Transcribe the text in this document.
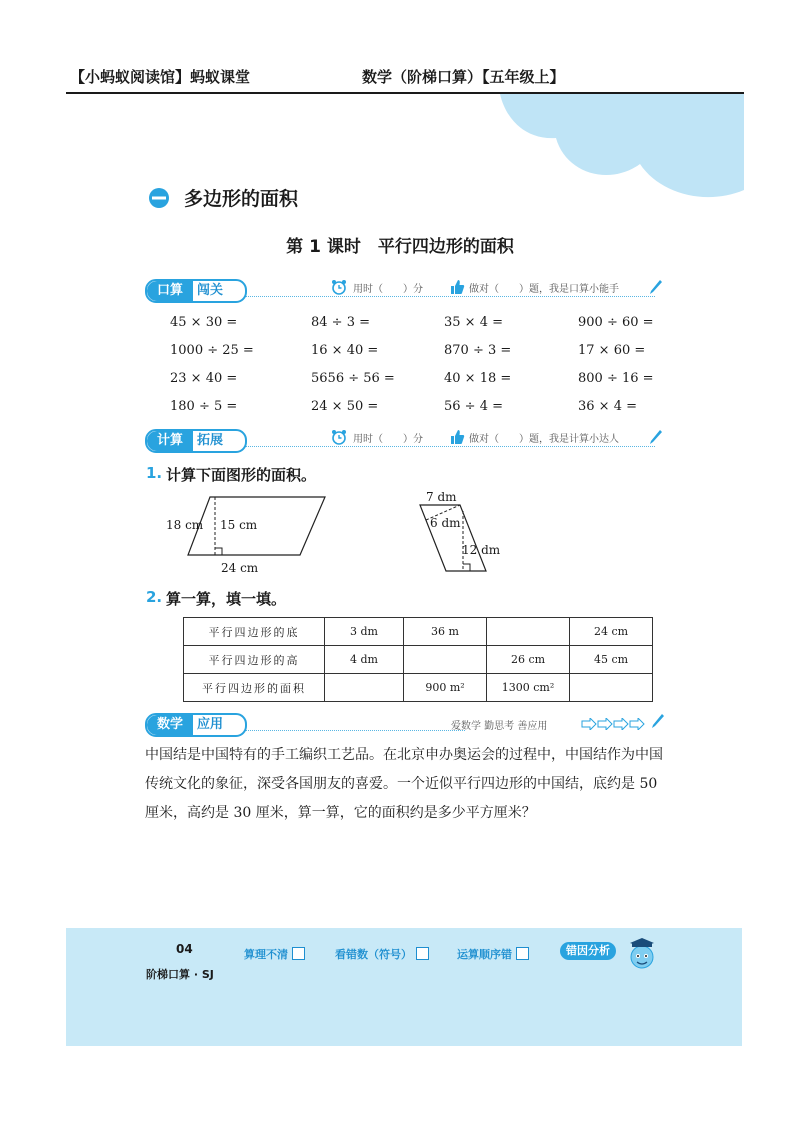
【小蚂蚁阅读馆】蚂蚁课堂	数学（阶梯口算）【五年级上】
多边形的面积
第 1 课时　平行四边形的面积
口算	闯关	用时（　　）分	做对（　　）题，我是口算小能手
45 × 30 =	84 ÷ 3 =	35 × 4 =	900 ÷ 60 =
1000 ÷ 25 =	16 × 40 =	870 ÷ 3 =	17 × 60 =
23 × 40 =	5656 ÷ 56 =	40 × 18 =	800 ÷ 16 =
180 ÷ 5 =	24 × 50 =	56 ÷ 4 =	36 × 4 =
计算	拓展	用时（　　）分	做对（　　）题，我是计算小达人
1. 计算下面图形的面积。
18 cm 15 cm
24 cm
7 dm
6 dm
12 dm
2. 算一算，填一填。
平行四边形的底	3 dm	36 m		24 cm
平行四边形的高	4 dm		26 cm	45 cm
平行四边形的面积		900 m²	1300 cm²	
数学	应用	爱数学 勤思考 善应用
中国结是中国特有的手工编织工艺品。在北京申办奥运会的过程中，中国结作为中国传统文化的象征，深受各国朋友的喜爱。一个近似平行四边形的中国结，底约是 50 厘米，高约是 30 厘米，算一算，它的面积约是多少平方厘米？
04
阶梯口算 · SJ
算理不清	看错数（符号）	运算顺序错	错因分析
